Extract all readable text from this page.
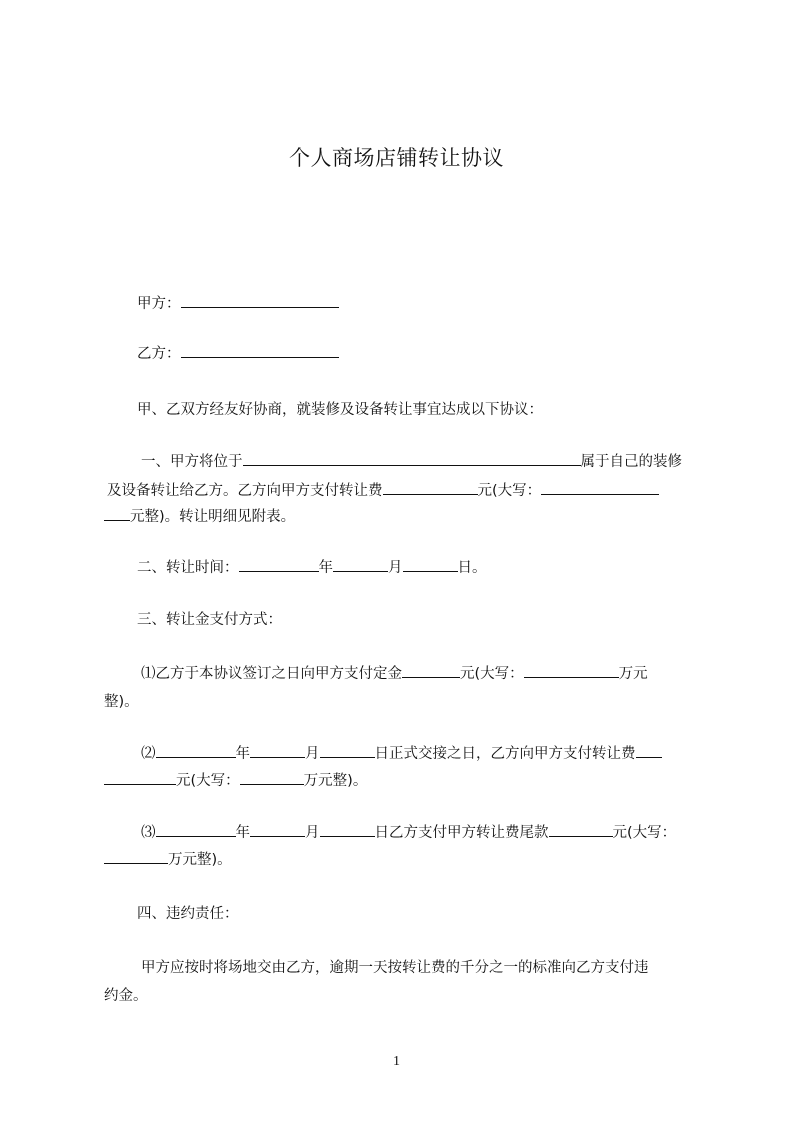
个人商场店铺转让协议

甲方：

乙方：

甲、乙双方经友好协商，就装修及设备转让事宜达成以下协议：

一、甲方将位于	属于自己的装修

及设备转让给乙方。乙方向甲方支付转让费	元(大写：

元整)。转让明细见附表。

二、转让时间：	年	月	日。

三、转让金支付方式：

⑴乙方于本协议签订之日向甲方支付定金	元(大写：	万元

整)。

⑵	年	月	日正式交接之日，乙方向甲方支付转让费

元(大写：	万元整)。

⑶	年	月	日乙方支付甲方转让费尾款	元(大写：

万元整)。

四、违约责任：

甲方应按时将场地交由乙方，逾期一天按转让费的千分之一的标准向乙方支付违

约金。

1
